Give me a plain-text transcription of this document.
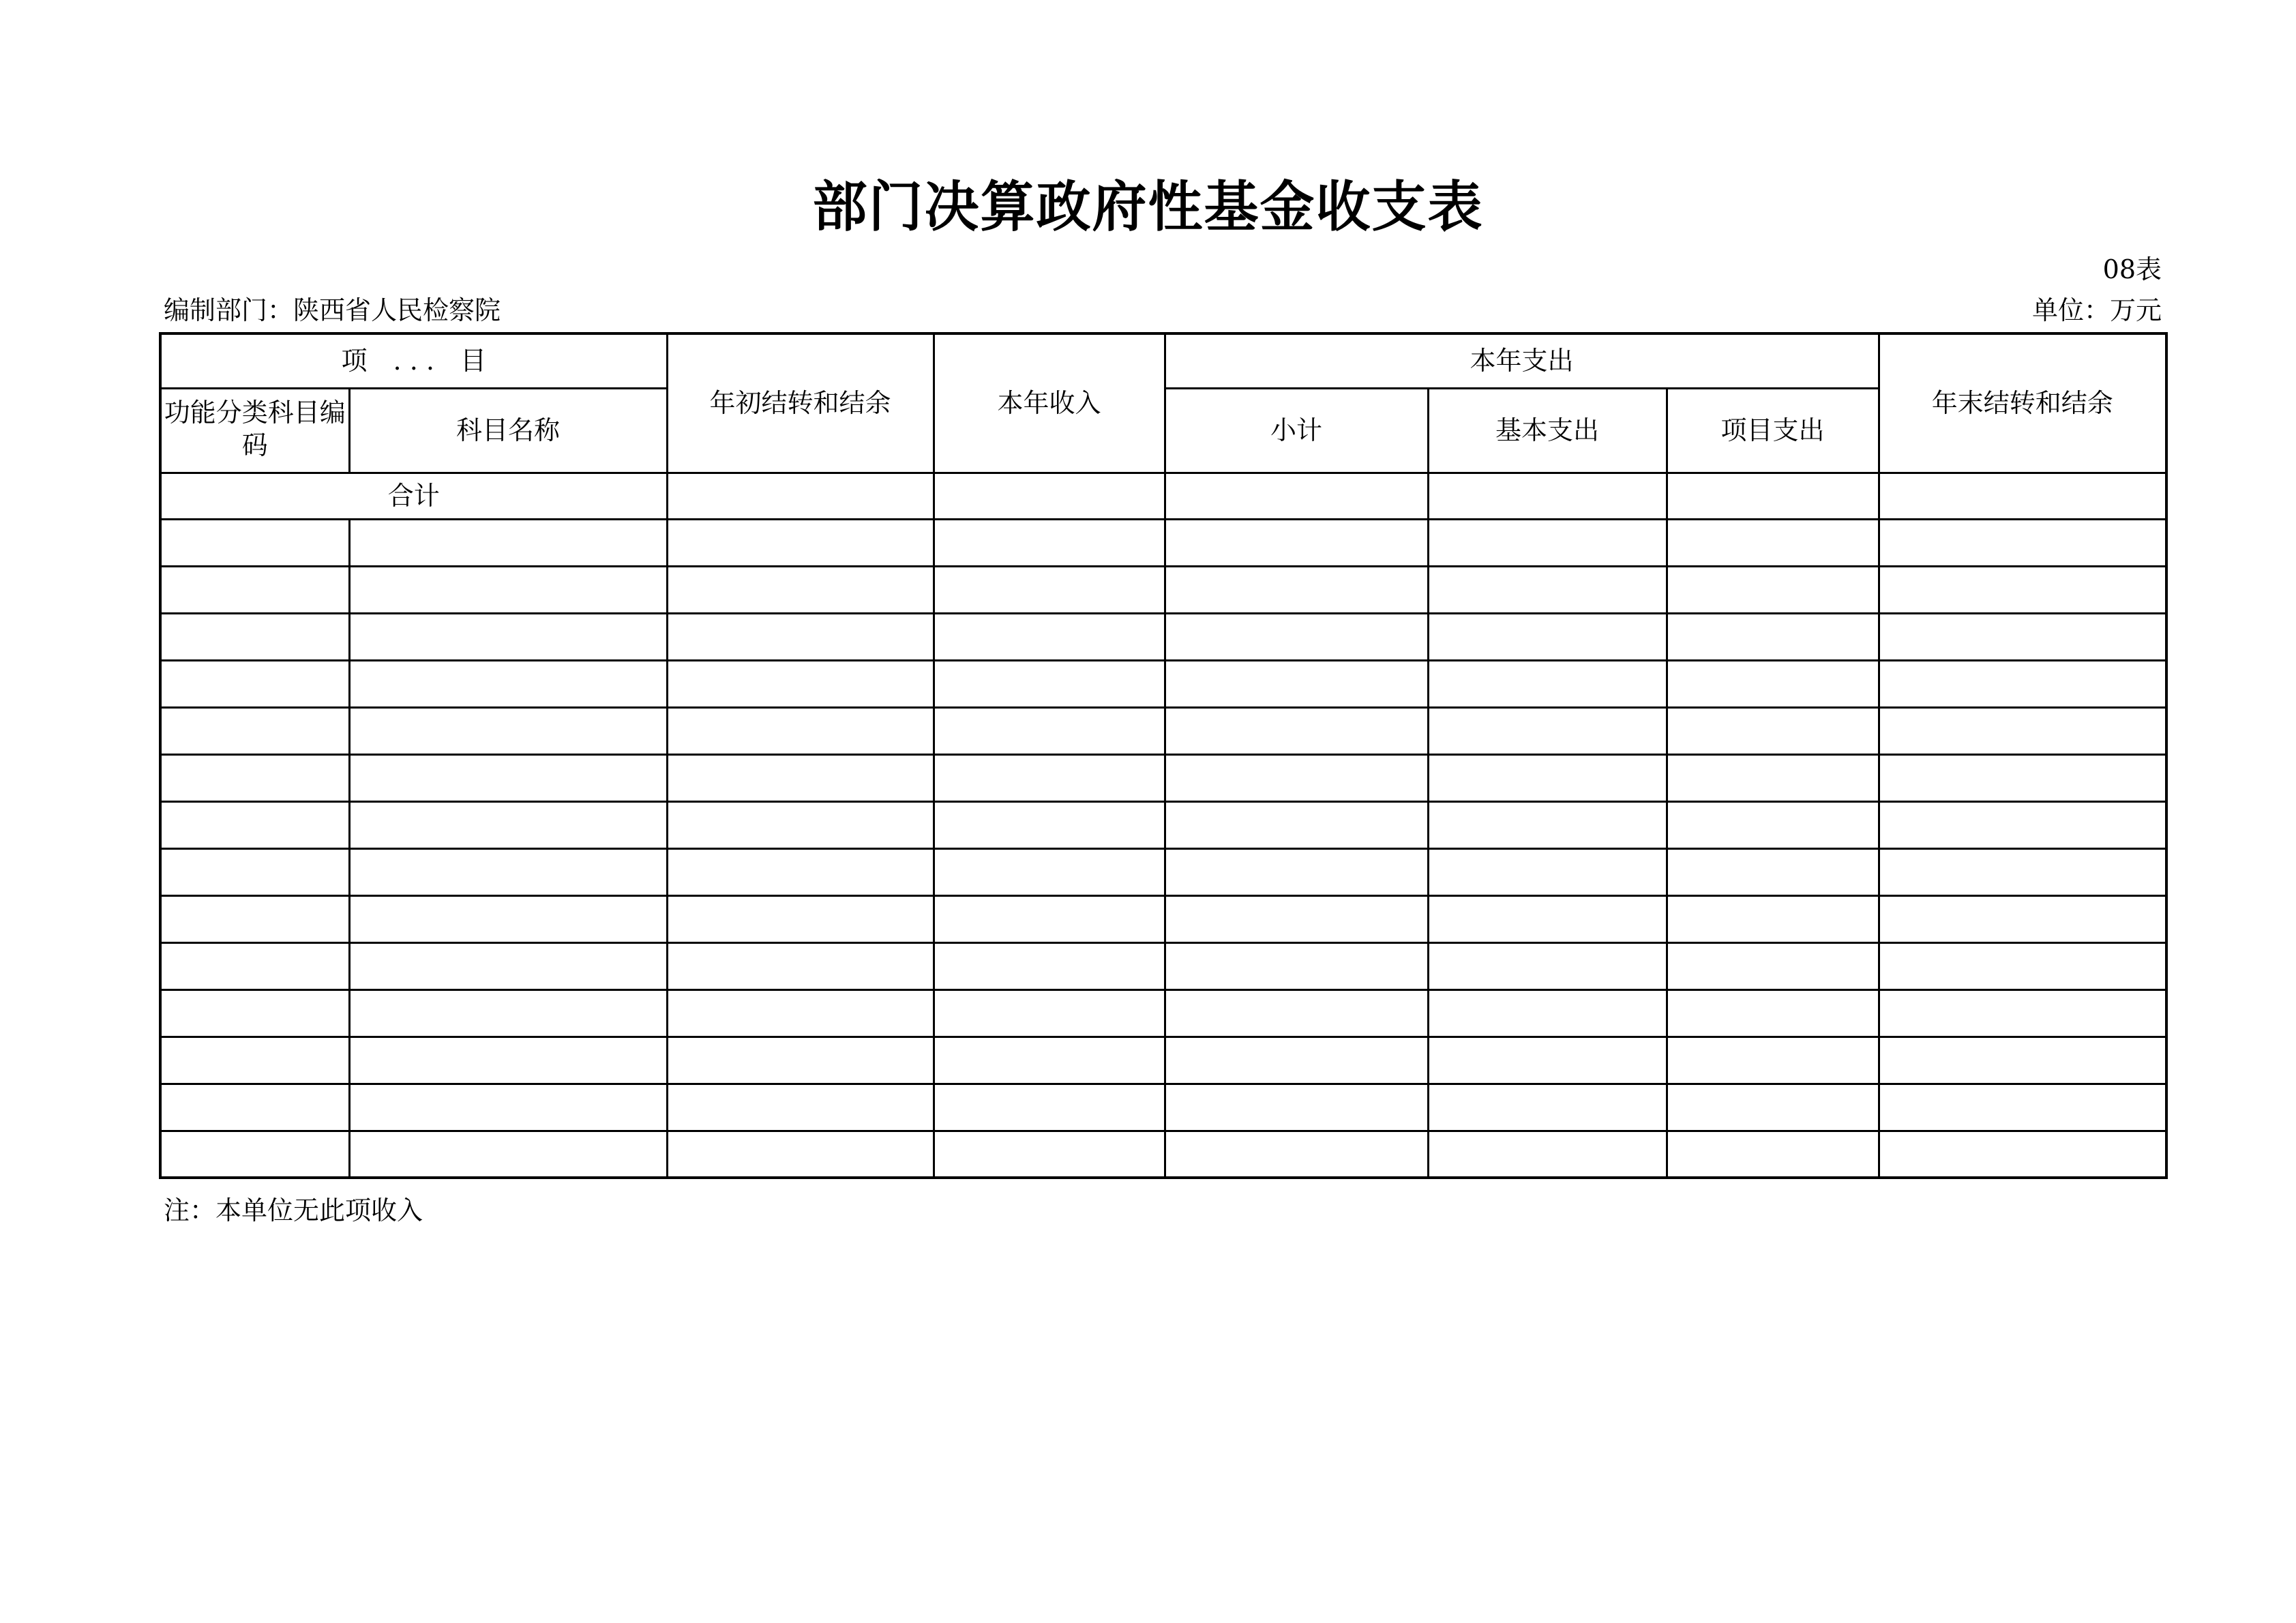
部门决算政府性基金收支表
08表
编制部门：陕西省人民检察院	单位：万元
项　. . .　目		年初结转和结余	本年收入	本年支出			年末结转和结余
功能分类科目编码	科目名称			小计	基本支出	项目支出	
合计							

注：本单位无此项收入
